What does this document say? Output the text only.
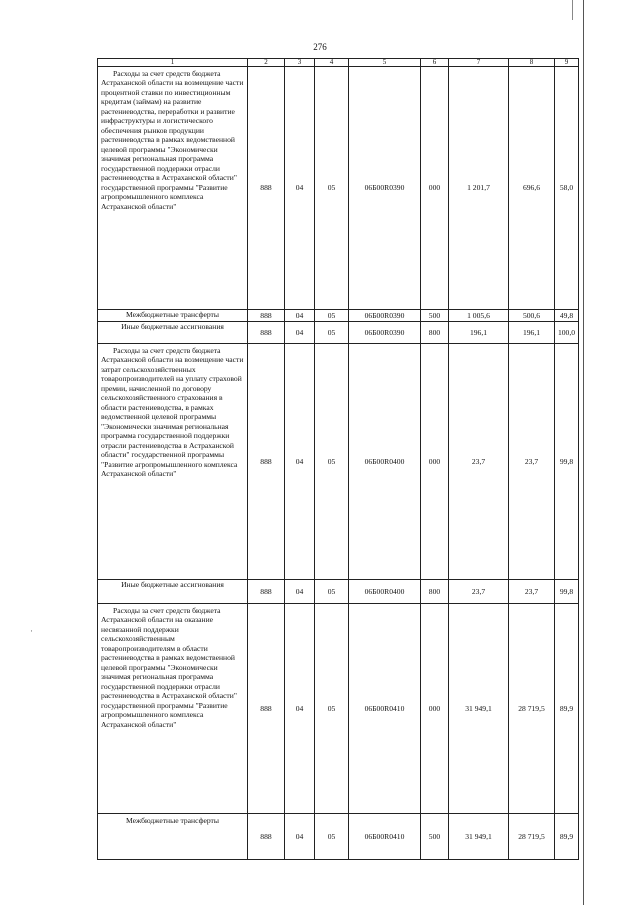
276
1	2	3	4	5	6	7	8	9
Расходы за счет средств бюджета Астраханской области на возмещение части процентной ставки по инвестиционным кредитам (займам) на развитие растениеводства, переработки и развитие инфраструктуры и логистического обеспечения рынков продукции растениеводства в рамках ведомственной целевой программы "Экономически значимая региональная программа государственной поддержки отрасли растениеводства в Астраханской области" государственной программы "Развитие агропромышленного комплекса Астраханской области"	888	04	05	06Б00R0390	000	1 201,7	696,6	58,0
Межбюджетные трансферты	888	04	05	06Б00R0390	500	1 005,6	500,6	49,8
Иные бюджетные ассигнования	888	04	05	06Б00R0390	800	196,1	196,1	100,0
Расходы за счет средств бюджета Астраханской области на возмещение части затрат сельскохозяйственных товаропроизводителей на уплату страховой премии, начисленной по договору сельскохозяйственного страхования в области растениеводства, в рамках ведомственной целевой программы "Экономически значимая региональная программа государственной поддержки отрасли растениеводства в Астраханской области" государственной программы "Развитие агропромышленного комплекса Астраханской области"	888	04	05	06Б00R0400	000	23,7	23,7	99,8
Иные бюджетные ассигнования	888	04	05	06Б00R0400	800	23,7	23,7	99,8
Расходы за счет средств бюджета Астраханской области на оказание несвязанной поддержки сельскохозяйственным товаропроизводителям в области растениеводства в рамках ведомственной целевой программы "Экономически значимая региональная программа государственной поддержки отрасли растениеводства в Астраханской области" государственной программы "Развитие агропромышленного комплекса Астраханской области"	888	04	05	06Б00R0410	000	31 949,1	28 719,5	89,9
Межбюджетные трансферты	888	04	05	06Б00R0410	500	31 949,1	28 719,5	89,9
·
